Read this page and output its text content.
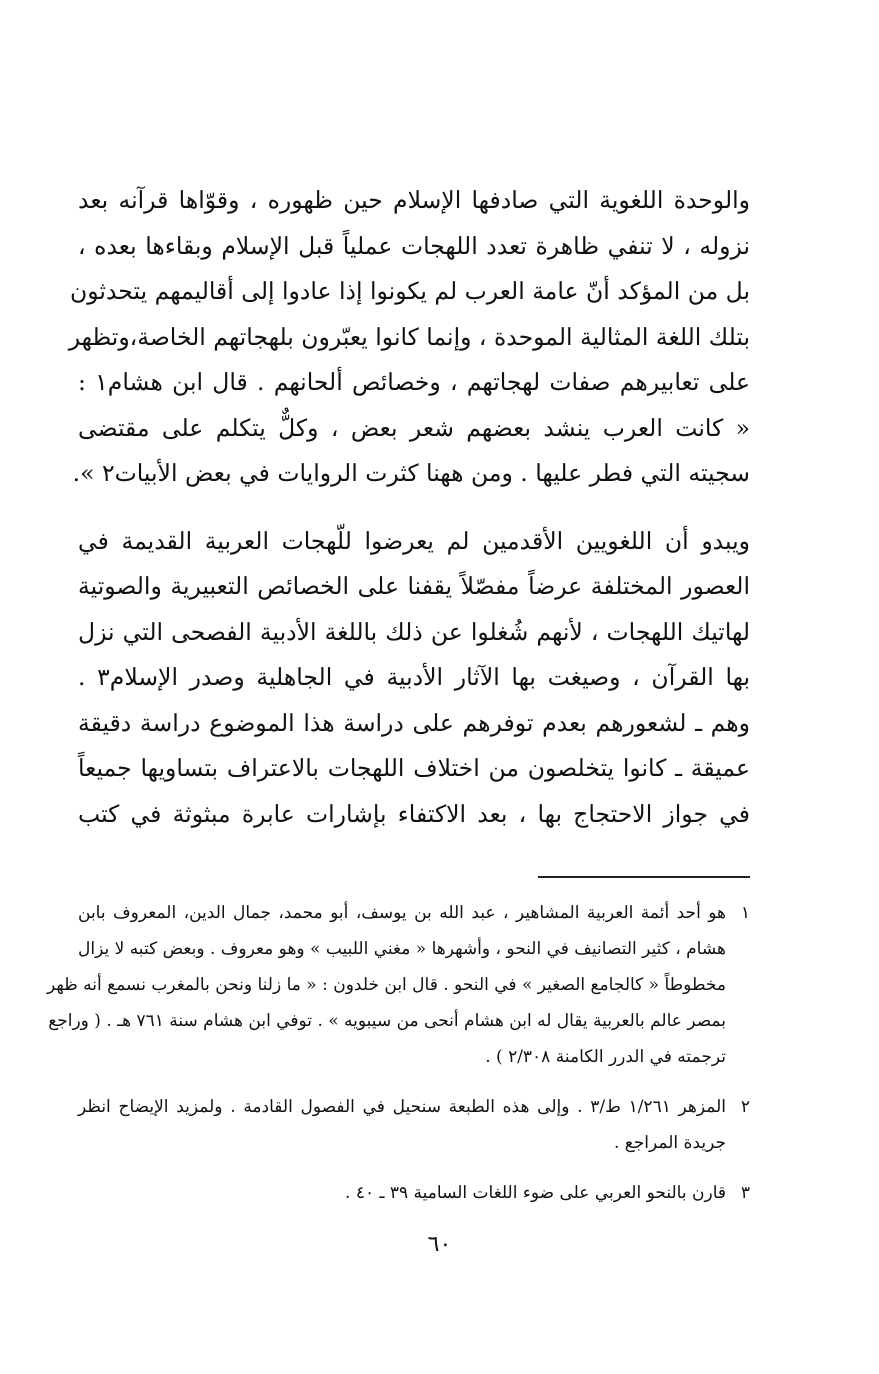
والوحدة اللغوية التي صادفها الإسلام حين ظهوره ، وقوّاها قرآنه بعد
نزوله ، لا تنفي ظاهرة تعدد اللهجات عملياً قبل الإسلام وبقاءها بعده ،
بل من المؤكد أنّ عامة العرب لم يكونوا إذا عادوا إلى أقاليمهم يتحدثون
بتلك اللغة المثالية الموحدة ، وإنما كانوا يعبّرون بلهجاتهم الخاصة،وتظهر
على تعابيرهم صفات لهجاتهم ، وخصائص ألحانهم . قال ابن هشام١ :
« كانت العرب ينشد بعضهم شعر بعض ، وكلٌّ يتكلم على مقتضى
سجيته التي فطر عليها . ومن ههنا كثرت الروايات في بعض الأبيات٢ ».
ويبدو أن اللغويين الأقدمين لم يعرضوا للّهجات العربية القديمة في
العصور المختلفة عرضاً مفصّلاً يقفنا على الخصائص التعبيرية والصوتية
لهاتيك اللهجات ، لأنهم شُغلوا عن ذلك باللغة الأدبية الفصحى التي نزل
بها القرآن ، وصيغت بها الآثار الأدبية في الجاهلية وصدر الإسلام٣ .
وهم ـ لشعورهم بعدم توفرهم على دراسة هذا الموضوع دراسة دقيقة
عميقة ـ كانوا يتخلصون من اختلاف اللهجات بالاعتراف بتساويها جميعاً
في جواز الاحتجاج بها ، بعد الاكتفاء بإشارات عابرة مبثوثة في كتب
١
هو أحد أئمة العربية المشاهير ، عبد الله بن يوسف، أبو محمد، جمال الدين، المعروف بابن
هشام ، كثير التصانيف في النحو ، وأشهرها « مغني اللبيب » وهو معروف . وبعض كتبه لا يزال
مخطوطاً « كالجامع الصغير » في النحو . قال ابن خلدون : « ما زلنا ونحن بالمغرب نسمع أنه ظهر
بمصر عالم بالعربية يقال له ابن هشام أنحى من سيبويه » . توفي ابن هشام سنة ٧٦١ هـ . ( وراجع
ترجمته في الدرر الكامنة ٢/٣٠٨ ) .
٢
المزهر ١/٢٦١ ط/٣ . وإلى هذه الطبعة سنحيل في الفصول القادمة . ولمزيد الإيضاح انظر
جريدة المراجع .
٣
قارن بالنحو العربي على ضوء اللغات السامية ٣٩ ـ ٤٠ .
٦٠
